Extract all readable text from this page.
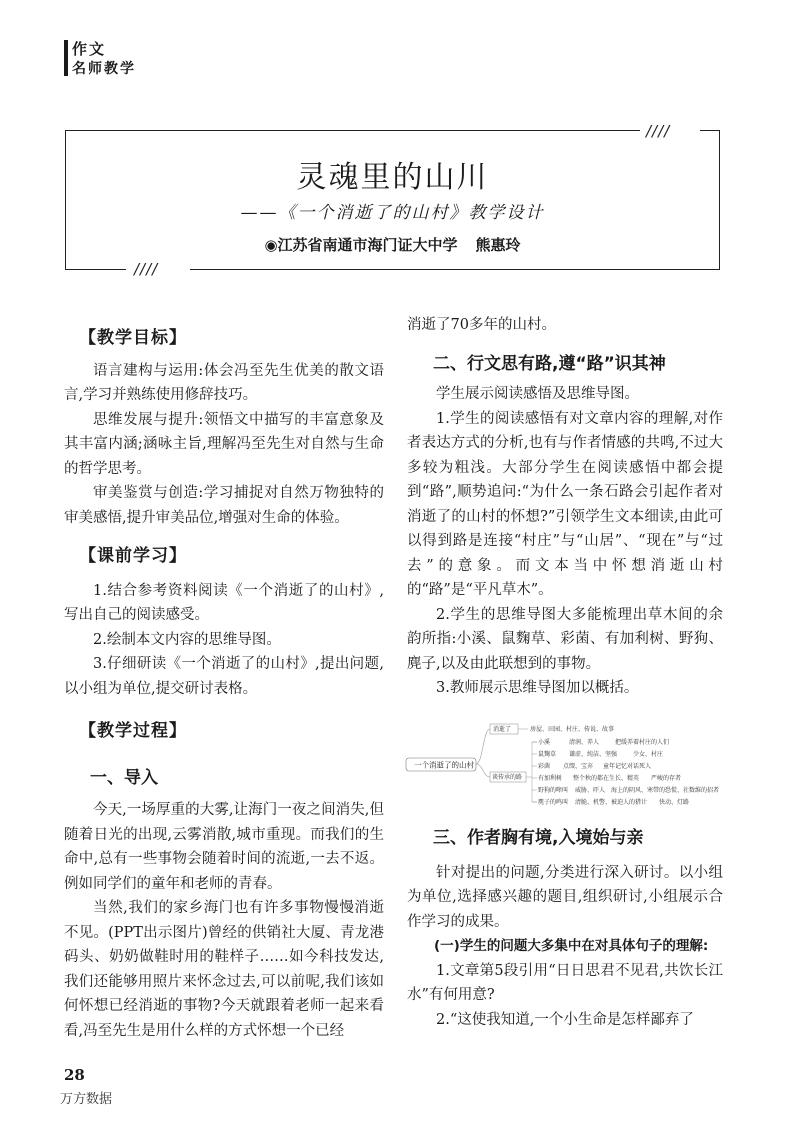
作文
名师教学
////
////
灵魂里的山川
——《一个消逝了的山村》教学设计
◉江苏省南通市海门证大中学 熊惠玲
【教学目标】

语言建构与运用:体会冯至先生优美的散文语言,学习并熟练使用修辞技巧。

思维发展与提升:领悟文中描写的丰富意象及其丰富内涵;涵咏主旨,理解冯至先生对自然与生命的哲学思考。

审美鉴赏与创造:学习捕捉对自然万物独特的审美感悟,提升审美品位,增强对生命的体验。

【课前学习】

1.结合参考资料阅读《一个消逝了的山村》,写出自己的阅读感受。

2.绘制本文内容的思维导图。

3.仔细研读《一个消逝了的山村》,提出问题,以小组为单位,提交研讨表格。

【教学过程】
一、导入

今天,一场厚重的大雾,让海门一夜之间消失,但随着日光的出现,云雾消散,城市重现。而我们的生命中,总有一些事物会随着时间的流逝,一去不返。例如同学们的童年和老师的青春。

当然,我们的家乡海门也有许多事物慢慢消逝不见。(PPT出示图片)曾经的供销社大厦、青龙港码头、奶奶做鞋时用的鞋样子……如今科技发达,我们还能够用照片来怀念过去,可以前呢,我们该如何怀想已经消逝的事物?今天就跟着老师一起来看看,冯至先生是用什么样的方式怀想一个已经

消逝了70多年的山村。

二、行文思有路,遵“路”识其神

学生展示阅读感悟及思维导图。

1.学生的阅读感悟有对文章内容的理解,对作者表达方式的分析,也有与作者情感的共鸣,不过大多较为粗浅。大部分学生在阅读感悟中都会提到“路”,顺势追问:“为什么一条石路会引起作者对消逝了的山村的怀想?”引领学生文本细读,由此可以得到路是连接“村庄”与“山居”、“现在”与“过去”的意象。而文本当中怀想消逝山村的“路”是“平凡草木”。

2.学生的思维导图大多能梳理出草木间的余韵所指:小溪、鼠麴草、彩菌、有加利树、野狗、麂子,以及由此联想到的事物。

3.教师展示思维导图加以概括。

一个消逝了的山村
消逝了	房屋、田园、村庄、传说、故事
谈传承的路
小溪	清润、养人	把缓养着村庄的人们
鼠麴草 谦虚、纯洁、坚强	少女、村庄
彩菌 点缀、宝弃 童年记忆对话死人
有加利树 整个秋的都在生长、精英 严峻的存者
野狗的嗥叫 威胁、吓人 海上的阴风、寒带的恐慌、社数维的招者
麂子的鸣叫 清脆、机警、被迫人的猎计 快动、灯路
三、作者胸有境,入境始与亲

针对提出的问题,分类进行深入研讨。以小组为单位,选择感兴趣的题目,组织研讨,小组展示合作学习的成果。

(一)学生的问题大多集中在对具体句子的理解:

1.文章第5段引用“日日思君不见君,共饮长江水”有何用意?

2.“这使我知道,一个小生命是怎样鄙弃了

28
万方数据
